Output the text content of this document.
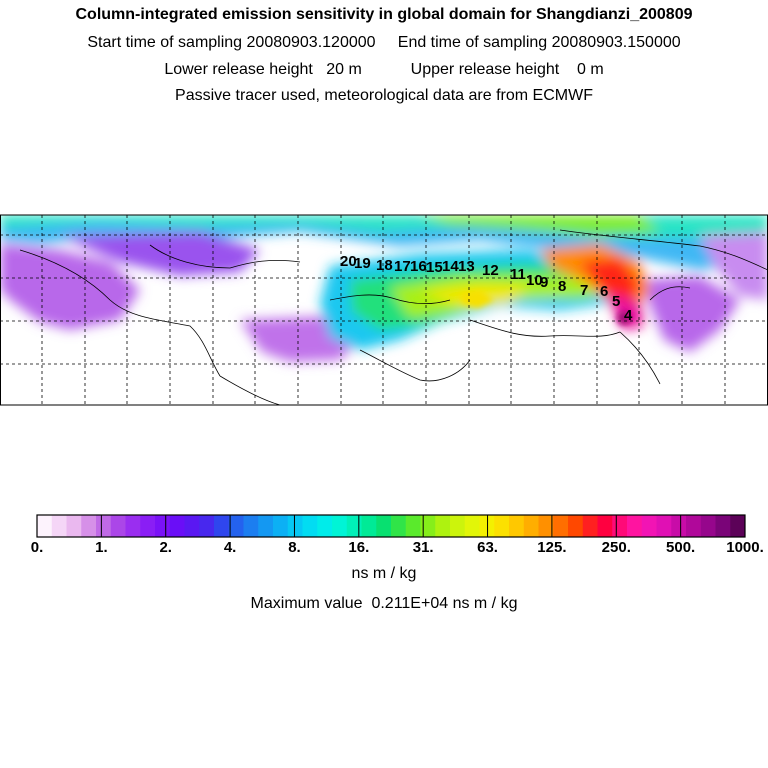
Column-integrated emission sensitivity in global domain for Shangdianzi_200809
Start time of sampling 20080903.120000     End time of sampling 20080903.150000
Lower release height   20 m           Upper release height    0 m
Passive tracer used, meteorological data are from ECMWF
20
19 18 17 16 15 14 13 12 11 10
9 8 7 6
5
4
0.	1.	2.	4.	8.	16.	31.	63.	125. 250. 500. 1000.
ns m / kg
Maximum value  0.211E+04 ns m / kg
